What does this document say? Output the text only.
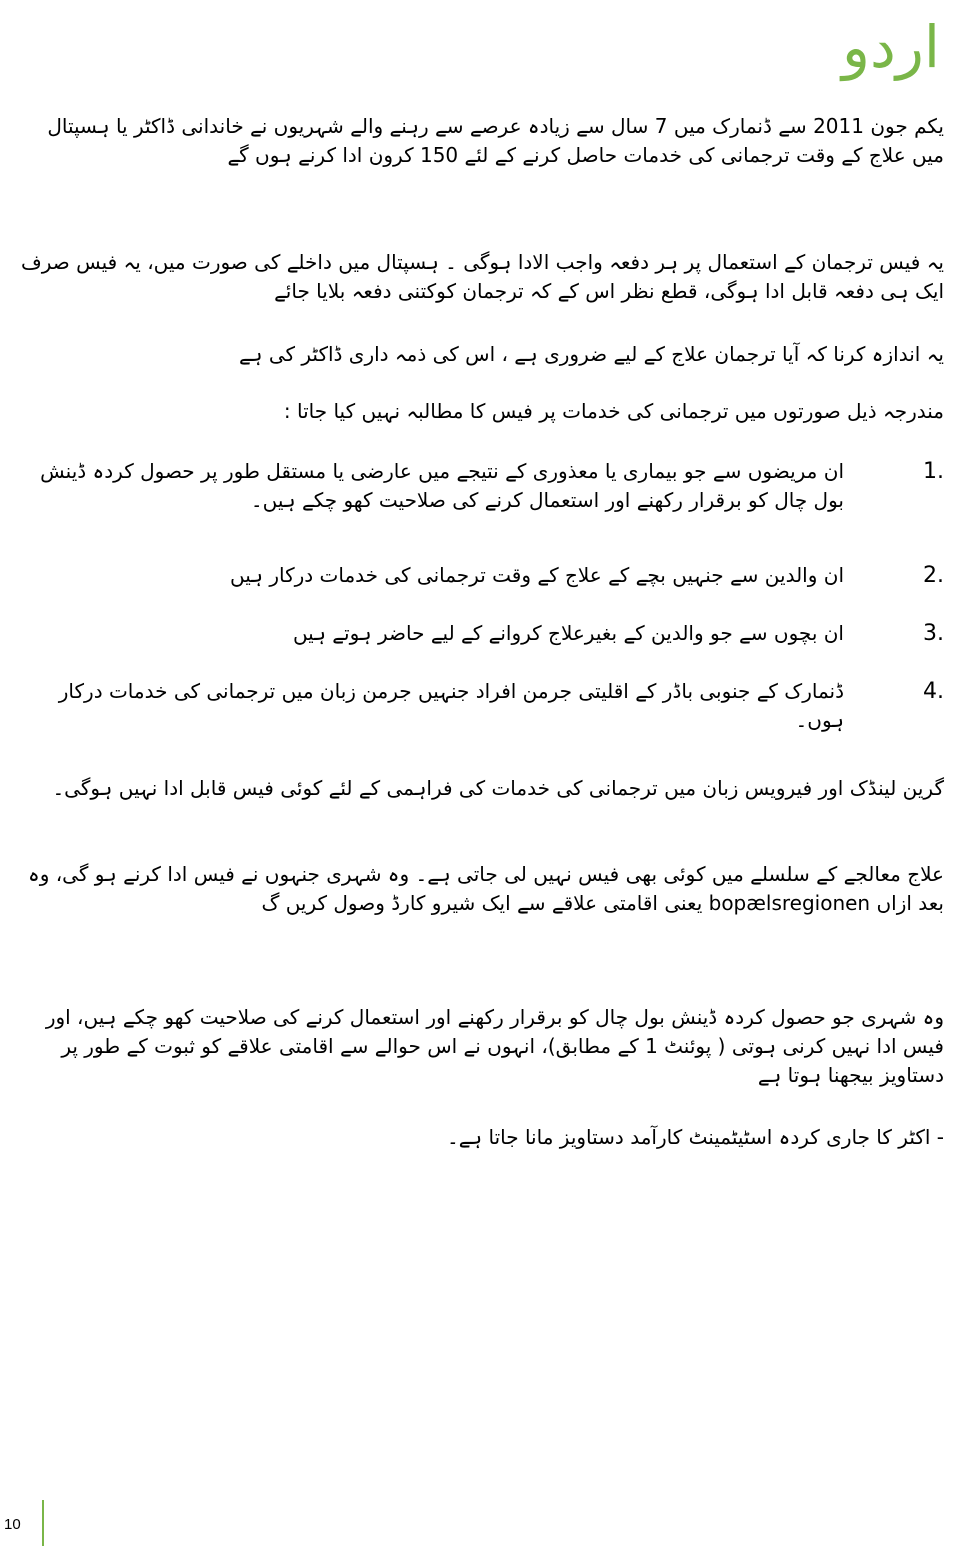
اردو

یکم جون 2011 سے ڈنمارک میں 7 سال سے زیادہ عرصے سے رہنے والے شہریوں نے خاندانی ڈاکٹر یا ہسپتال میں علاج کے وقت ترجمانی کی خدمات حاصل کرنے کے لئے 150 کرون ادا کرنے ہوں گے

یہ فیس ترجمان کے استعمال پر ہر دفعہ واجب الادا ہوگی ۔ ہسپتال میں داخلے کی صورت میں، یہ فیس صرف ایک ہی دفعہ قابل ادا ہوگی، قطع نظر اس کے کہ ترجمان کوکتنی دفعہ بلایا جائے

یہ اندازہ کرنا کہ آیا ترجمان علاج کے لیے ضروری ہے ، اس کی ذمہ داری ڈاکٹر کی ہے

مندرجہ ذیل صورتوں میں ترجمانی کی خدمات پر فیس کا مطالبہ نہیں کیا جاتا :

1.
ان مریضوں سے جو بیماری یا معذوری کے نتیجے میں عارضی یا مستقل طور پر حصول کردہ ڈینش بول چال کو برقرار رکھنے اور استعمال کرنے کی صلاحیت کھو چکے ہیں۔
2.
ان والدین سے جنہیں بچے کے علاج کے وقت ترجمانی کی خدمات درکار ہیں
3.
ان بچوں سے جو والدین کے بغیرعلاج کروانے کے لیے حاضر ہوتے ہیں
4.
ڈنمارک کے جنوبی باڈر کے اقلیتی جرمن افراد جنہیں جرمن زبان میں ترجمانی کی خدمات درکار ہوں۔

گرین لینڈک اور فیرویس زبان میں ترجمانی کی خدمات کی فراہمی کے لئے کوئی فیس قابل ادا نہیں ہوگی۔

علاج معالجے کے سلسلے میں کوئی بھی فیس نہیں لی جاتی ہے۔ وہ شہری جنہوں نے فیس ادا کرنے ہو گی، وہ بعد ازاں bopælsregionen یعنی اقامتی علاقے سے ایک شیرو کارڈ وصول کریں گ

وہ شہری جو حصول کردہ ڈینش بول چال کو برقرار رکھنے اور استعمال کرنے کی صلاحیت کھو چکے ہیں، اور فیس ادا نہیں کرنی ہوتی ( پوئنٹ 1 کے مطابق)، انہوں نے اس حوالے سے اقامتی علاقے کو ثبوت کے طور پر دستاویز بیجھنا ہوتا ہے

- اکٹر کا جاری کردہ اسٹیٹمینٹ کارآمد دستاویز مانا جاتا ہے۔

10
